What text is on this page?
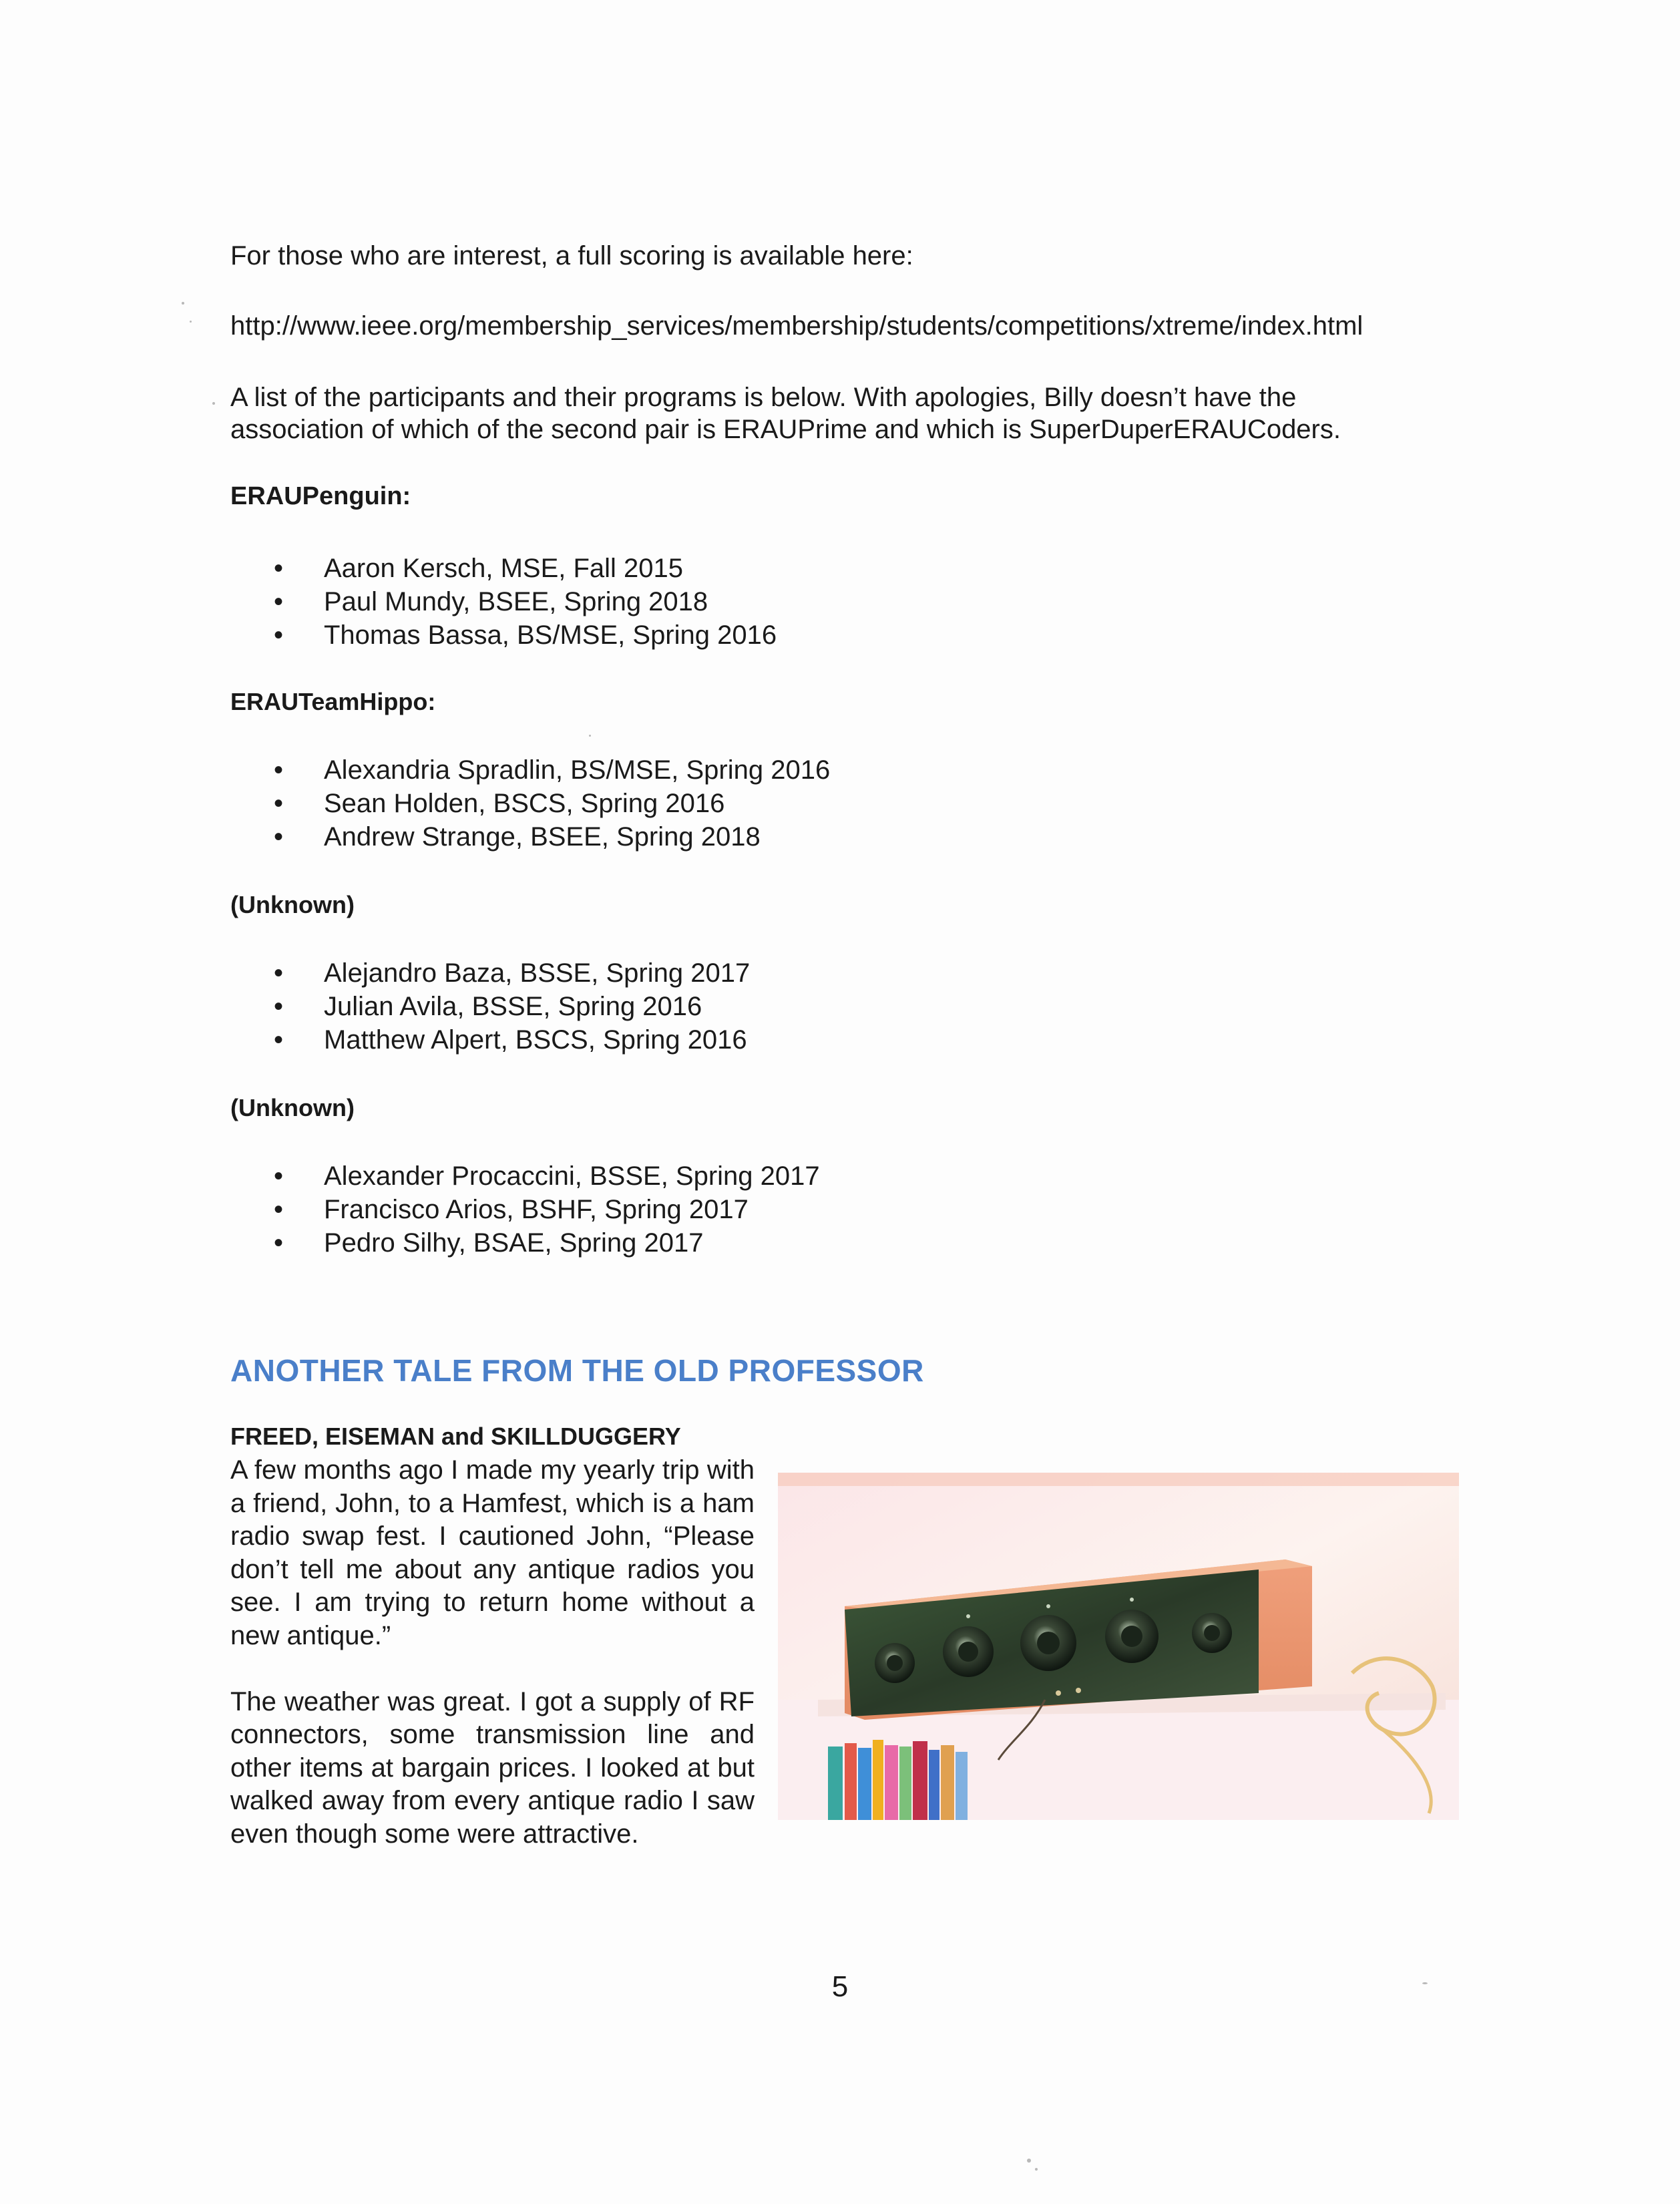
For those who are interest, a full scoring is available here:

http://www.ieee.org/membership_services/membership/students/competitions/xtreme/index.html

A list of the participants and their programs is below. With apologies, Billy doesn’t have the

association of which of the second pair is ERAUPrime and which is SuperDuperERAUCoders.

ERAUPenguin:
• Aaron Kersch, MSE, Fall 2015
• Paul Mundy, BSEE, Spring 2018
• Thomas Bassa, BS/MSE, Spring 2016
ERAUTeamHippo:
• Alexandria Spradlin, BS/MSE, Spring 2016
• Sean Holden, BSCS, Spring 2016
• Andrew Strange, BSEE, Spring 2018
(Unknown)
• Alejandro Baza, BSSE, Spring 2017
• Julian Avila, BSSE, Spring 2016
• Matthew Alpert, BSCS, Spring 2016
(Unknown)
• Alexander Procaccini, BSSE, Spring 2017
• Francisco Arios, BSHF, Spring 2017
• Pedro Silhy, BSAE, Spring 2017
ANOTHER TALE FROM THE OLD PROFESSOR
FREED, EISEMAN and SKILLDUGGERY

A few months ago I made my yearly trip with a friend, John, to a Hamfest, which is a ham radio swap fest. I cautioned John, “Please don’t tell me about any antique radios you see. I am trying to return home without a new antique.”

The weather was great. I got a supply of RF connectors, some transmission line and other items at bargain prices. I looked at but walked away from every antique radio I saw even though some were attractive.

5
